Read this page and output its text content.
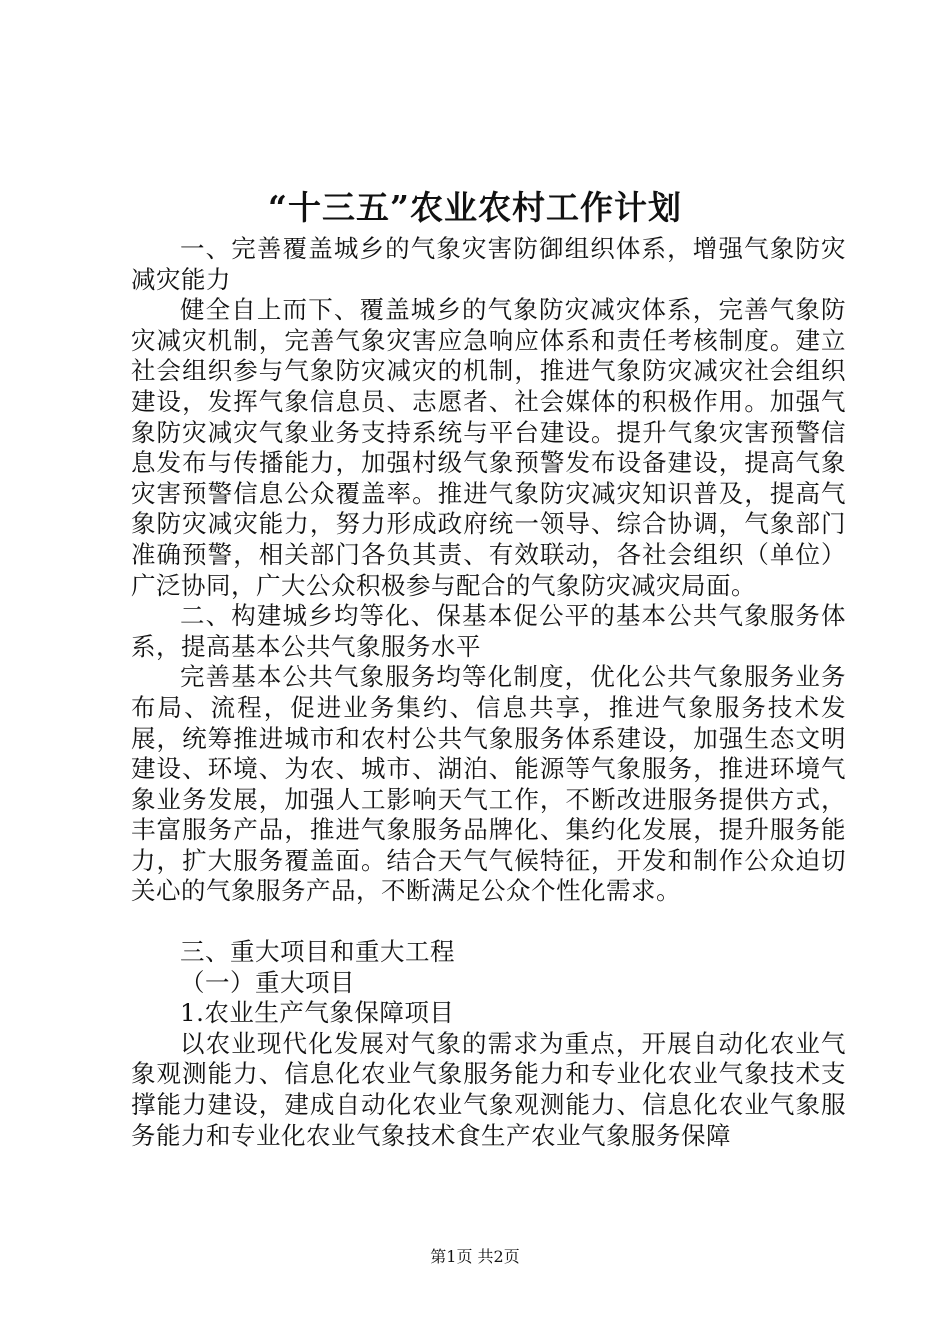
“十三五”农业农村工作计划

一、完善覆盖城乡的气象灾害防御组织体系，增强气象防灾减灾能力

健全自上而下、覆盖城乡的气象防灾减灾体系，完善气象防灾减灾机制，完善气象灾害应急响应体系和责任考核制度。建立社会组织参与气象防灾减灾的机制，推进气象防灾减灾社会组织建设，发挥气象信息员、志愿者、社会媒体的积极作用。加强气象防灾减灾气象业务支持系统与平台建设。提升气象灾害预警信息发布与传播能力，加强村级气象预警发布设备建设，提高气象灾害预警信息公众覆盖率。推进气象防灾减灾知识普及，提高气象防灾减灾能力，努力形成政府统一领导、综合协调，气象部门准确预警，相关部门各负其责、有效联动，各社会组织（单位）广泛协同，广大公众积极参与配合的气象防灾减灾局面。

二、构建城乡均等化、保基本促公平的基本公共气象服务体系，提高基本公共气象服务水平

完善基本公共气象服务均等化制度，优化公共气象服务业务布局、流程，促进业务集约、信息共享，推进气象服务技术发展，统筹推进城市和农村公共气象服务体系建设，加强生态文明建设、环境、为农、城市、湖泊、能源等气象服务，推进环境气象业务发展，加强人工影响天气工作，不断改进服务提供方式，丰富服务产品，推进气象服务品牌化、集约化发展，提升服务能力，扩大服务覆盖面。结合天气气候特征，开发和制作公众迫切关心的气象服务产品，不断满足公众个性化需求。

三、重大项目和重大工程

（一）重大项目

1.农业生产气象保障项目

以农业现代化发展对气象的需求为重点，开展自动化农业气象观测能力、信息化农业气象服务能力和专业化农业气象技术支撑能力建设，建成自动化农业气象观测能力、信息化农业气象服务能力和专业化农业气象技术食生产农业气象服务保障

第1页 共2页
